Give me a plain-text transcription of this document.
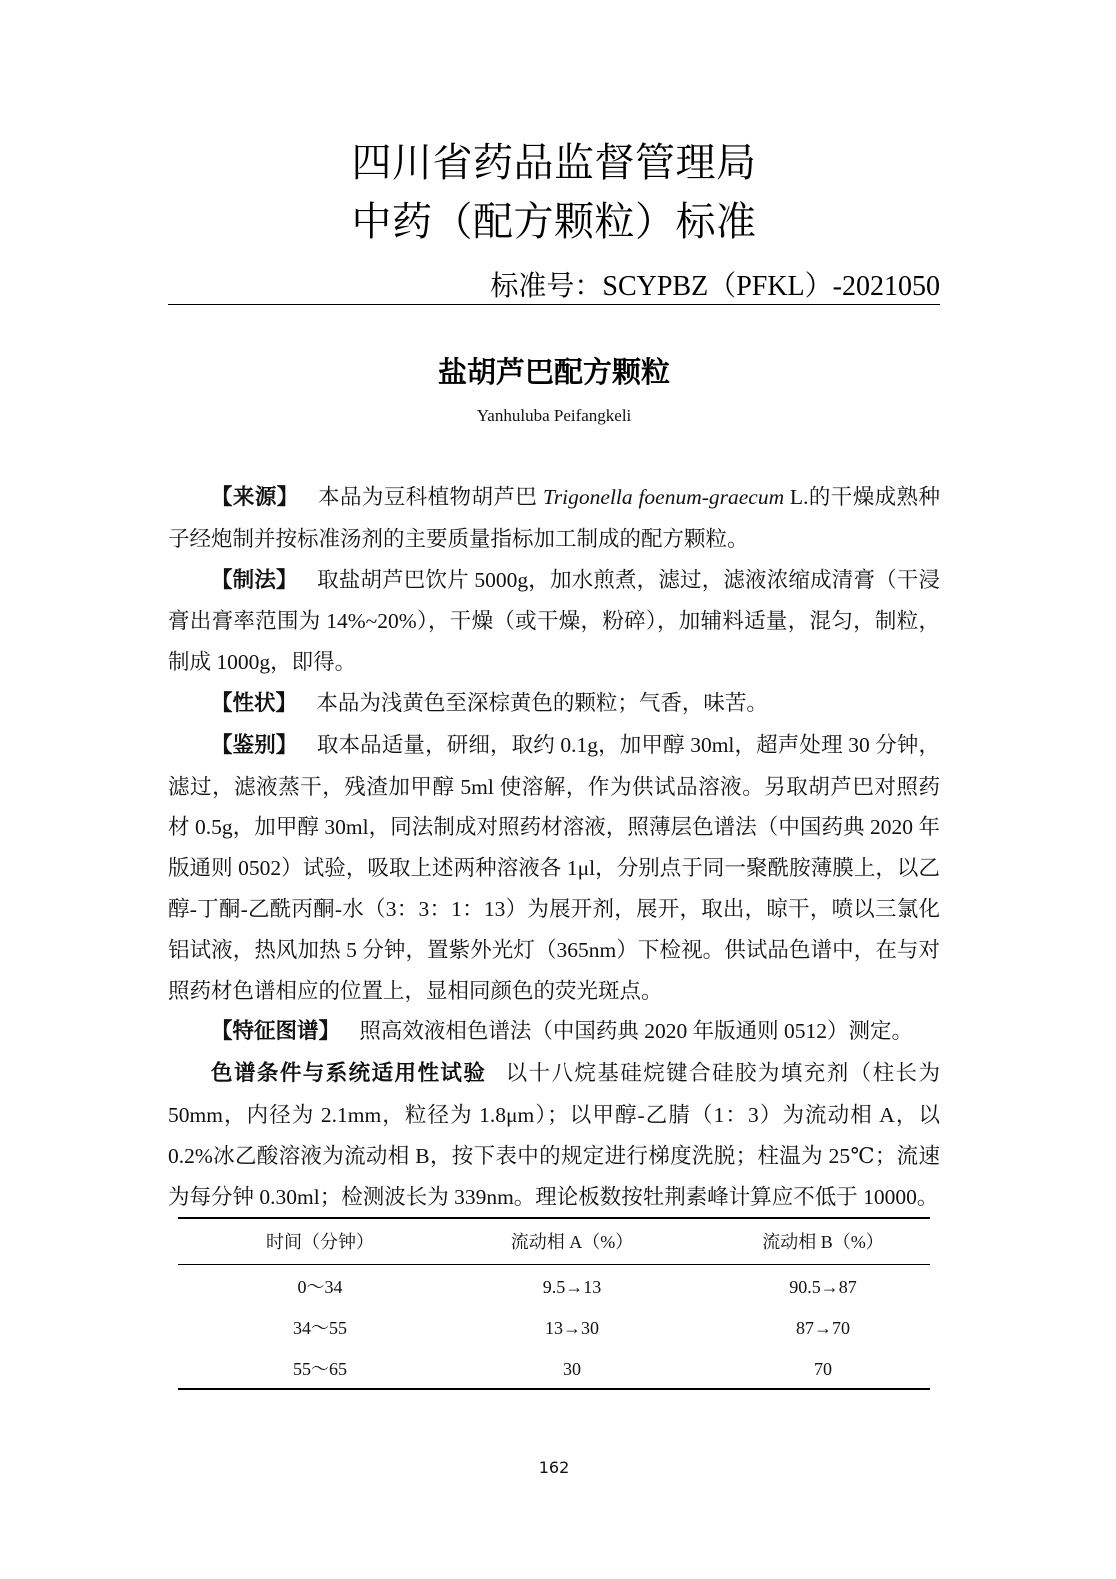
四川省药品监督管理局
中药（配方颗粒）标准
标准号：SCYPBZ（PFKL）-2021050
盐胡芦巴配方颗粒
Yanhuluba Peifangkeli

【来源】 本品为豆科植物胡芦巴 Trigonella foenum-graecum L.的干燥成熟种子经炮制并按标准汤剂的主要质量指标加工制成的配方颗粒。

【制法】 取盐胡芦巴饮片 5000g，加水煎煮，滤过，滤液浓缩成清膏（干浸膏出膏率范围为 14%~20%），干燥（或干燥，粉碎），加辅料适量，混匀，制粒，制成 1000g，即得。

【性状】 本品为浅黄色至深棕黄色的颗粒；气香，味苦。

【鉴别】 取本品适量，研细，取约 0.1g，加甲醇 30ml，超声处理 30 分钟，滤过，滤液蒸干，残渣加甲醇 5ml 使溶解，作为供试品溶液。另取胡芦巴对照药材 0.5g，加甲醇 30ml，同法制成对照药材溶液，照薄层色谱法（中国药典 2020 年版通则 0502）试验，吸取上述两种溶液各 1μl，分别点于同一聚酰胺薄膜上，以乙醇-丁酮-乙酰丙酮-水（3：3：1：13）为展开剂，展开，取出，晾干，喷以三氯化铝试液，热风加热 5 分钟，置紫外光灯（365nm）下检视。供试品色谱中，在与对照药材色谱相应的位置上，显相同颜色的荧光斑点。

【特征图谱】 照高效液相色谱法（中国药典 2020 年版通则 0512）测定。

色谱条件与系统适用性试验 以十八烷基硅烷键合硅胶为填充剂（柱长为 50mm，内径为 2.1mm，粒径为 1.8μm）；以甲醇-乙腈（1：3）为流动相 A，以 0.2%冰乙酸溶液为流动相 B，按下表中的规定进行梯度洗脱；柱温为 25℃；流速为每分钟 0.30ml；检测波长为 339nm。理论板数按牡荆素峰计算应不低于 10000。

时间（分钟）	流动相 A（%）	流动相 B（%）
0～34	9.5→13	90.5→87
34～55	13→30	87→70
55～65	30	70
162
